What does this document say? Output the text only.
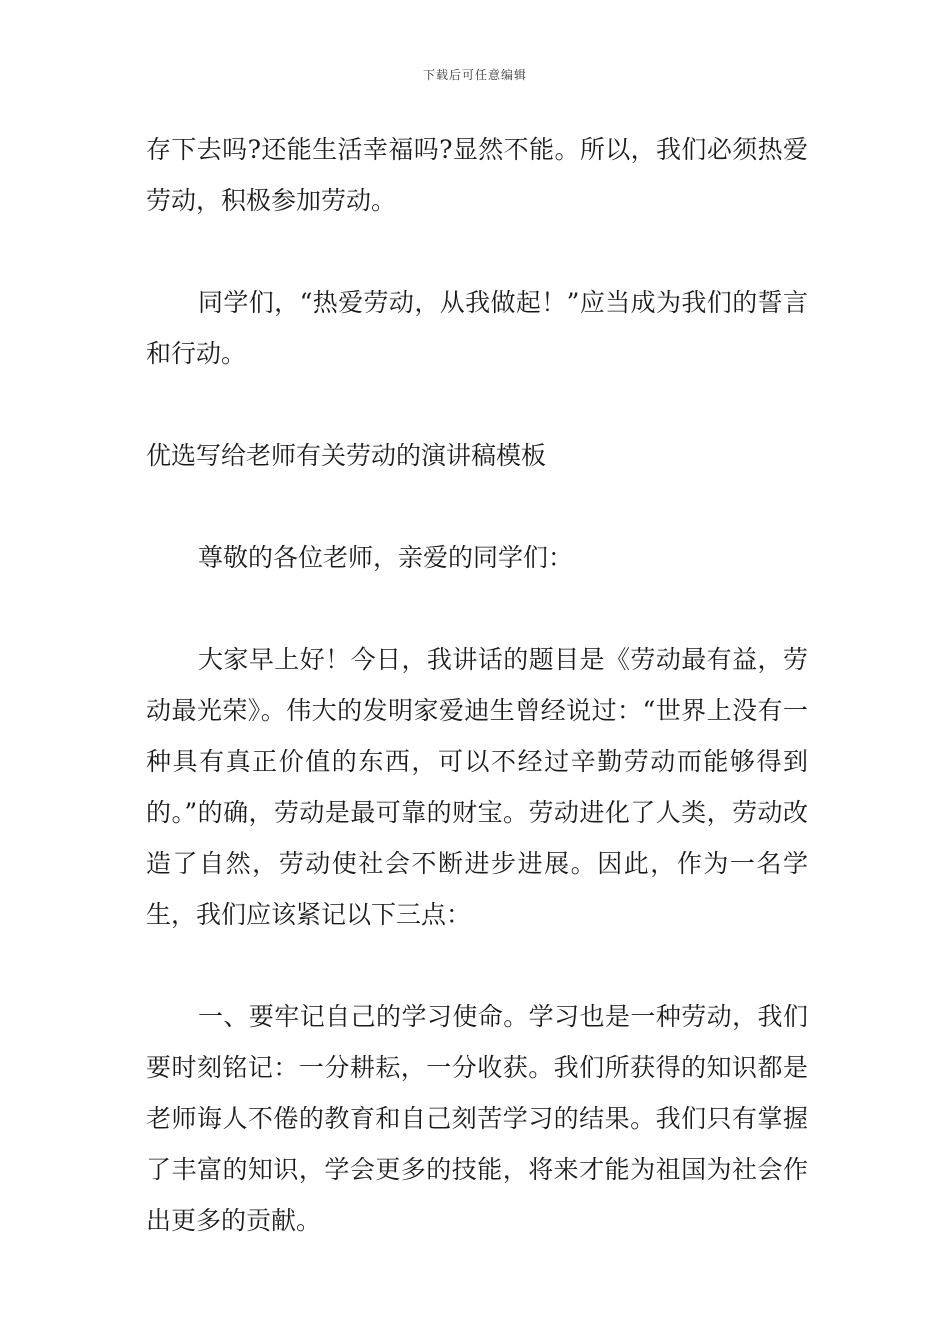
下载后可任意编辑

存下去吗?还能生活幸福吗?显然不能。所以，我们必须热爱劳动，积极参加劳动。

同学们，“热爱劳动，从我做起！”应当成为我们的誓言和行动。

优选写给老师有关劳动的演讲稿模板

尊敬的各位老师，亲爱的同学们：

大家早上好！今日，我讲话的题目是《劳动最有益，劳动最光荣》。伟大的发明家爱迪生曾经说过：“世界上没有一种具有真正价值的东西，可以不经过辛勤劳动而能够得到的。”的确，劳动是最可靠的财宝。劳动进化了人类，劳动改造了自然，劳动使社会不断进步进展。因此，作为一名学生，我们应该紧记以下三点：

一、要牢记自己的学习使命。学习也是一种劳动，我们要时刻铭记：一分耕耘，一分收获。我们所获得的知识都是老师诲人不倦的教育和自己刻苦学习的结果。我们只有掌握了丰富的知识，学会更多的技能，将来才能为祖国为社会作出更多的贡献。
